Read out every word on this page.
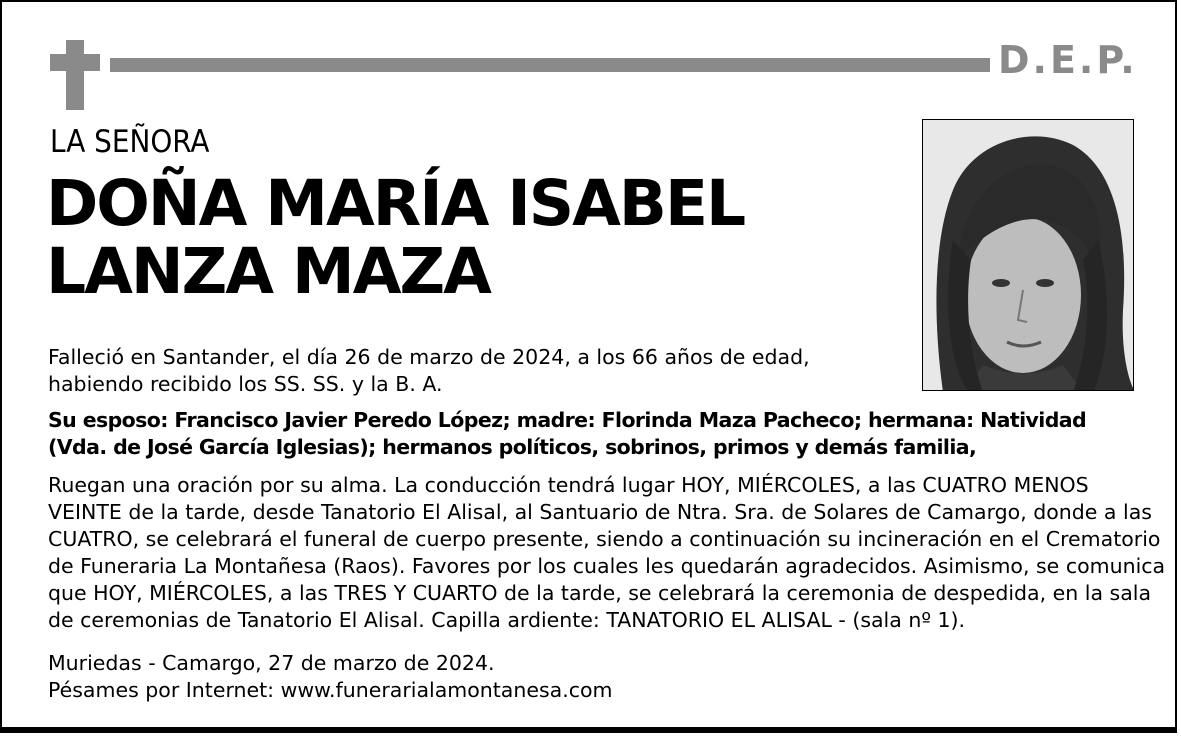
D.E.P.
LA SEÑORA
DOÑA MARÍA ISABEL
LANZA MAZA
Falleció en Santander, el día 26 de marzo de 2024, a los 66 años de edad,
habiendo recibido los SS. SS. y la B. A.
Su esposo: Francisco Javier Peredo López; madre: Florinda Maza Pacheco; hermana: Natividad
(Vda. de José García Iglesias); hermanos políticos, sobrinos, primos y demás familia,
Ruegan una oración por su alma. La conducción tendrá lugar HOY, MIÉRCOLES, a las CUATRO MENOS
VEINTE de la tarde, desde Tanatorio El Alisal, al Santuario de Ntra. Sra. de Solares de Camargo, donde a las
CUATRO, se celebrará el funeral de cuerpo presente, siendo a continuación su incineración en el Crematorio
de Funeraria La Montañesa (Raos). Favores por los cuales les quedarán agradecidos. Asimismo, se comunica
que HOY, MIÉRCOLES, a las TRES Y CUARTO de la tarde, se celebrará la ceremonia de despedida, en la sala
de ceremonias de Tanatorio El Alisal. Capilla ardiente: TANATORIO EL ALISAL - (sala nº 1).
Muriedas - Camargo, 27 de marzo de 2024.
Pésames por Internet: www.funerarialamontanesa.com
